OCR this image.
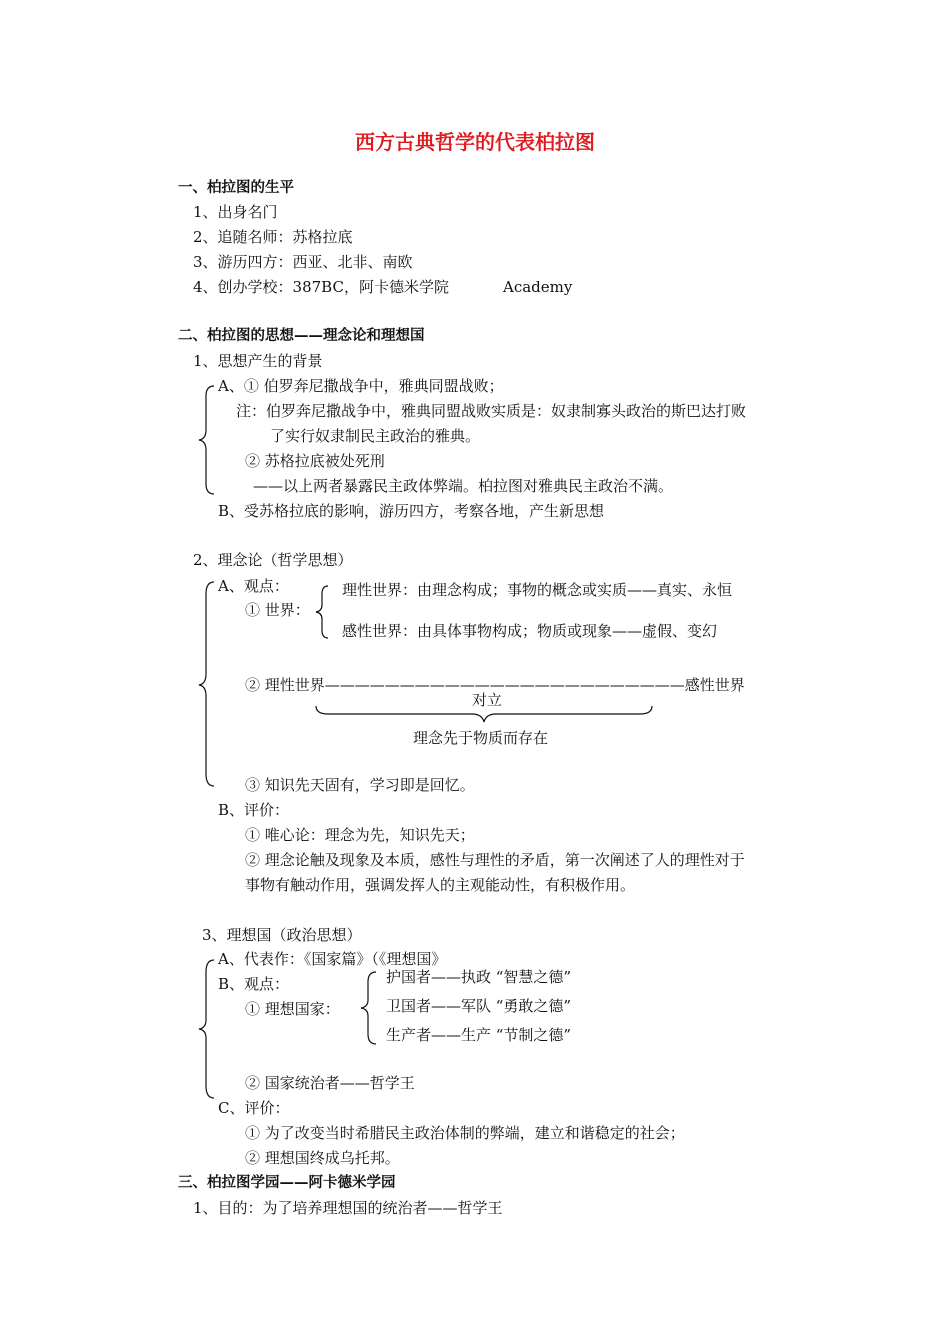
西方古典哲学的代表柏拉图
一、柏拉图的生平
1、出身名门
2、追随名师：苏格拉底
3、游历四方：西亚、北非、南欧
4、创办学校：387BC，阿卡德米学院	Academy
二、柏拉图的思想——理念论和理想国
1、思想产生的背景
A、① 伯罗奔尼撒战争中，雅典同盟战败；
注：伯罗奔尼撒战争中，雅典同盟战败实质是：奴隶制寡头政治的斯巴达打败
了实行奴隶制民主政治的雅典。
② 苏格拉底被处死刑
——以上两者暴露民主政体弊端。柏拉图对雅典民主政治不满。
B、受苏格拉底的影响，游历四方，考察各地，产生新思想
2、理念论（哲学思想）
A、观点：
① 世界：
理性世界：由理念构成；事物的概念或实质——真实、永恒
感性世界：由具体事物构成；物质或现象——虚假、变幻
② 理性世界————————————————————————感性世界
对立
理念先于物质而存在
③ 知识先天固有，学习即是回忆。
B、评价：
① 唯心论：理念为先，知识先天；
② 理念论触及现象及本质，感性与理性的矛盾，第一次阐述了人的理性对于
事物有触动作用，强调发挥人的主观能动性，有积极作用。
3、理想国（政治思想）
A、代表作：《国家篇》（《理想国》
B、观点：
① 理想国家：
护国者——执政 “智慧之德”
卫国者——军队 “勇敢之德”
生产者——生产 “节制之德”
② 国家统治者——哲学王
C、评价：
① 为了改变当时希腊民主政治体制的弊端，建立和谐稳定的社会；
② 理想国终成乌托邦。
三、柏拉图学园——阿卡德米学园
1、目的：为了培养理想国的统治者——哲学王
